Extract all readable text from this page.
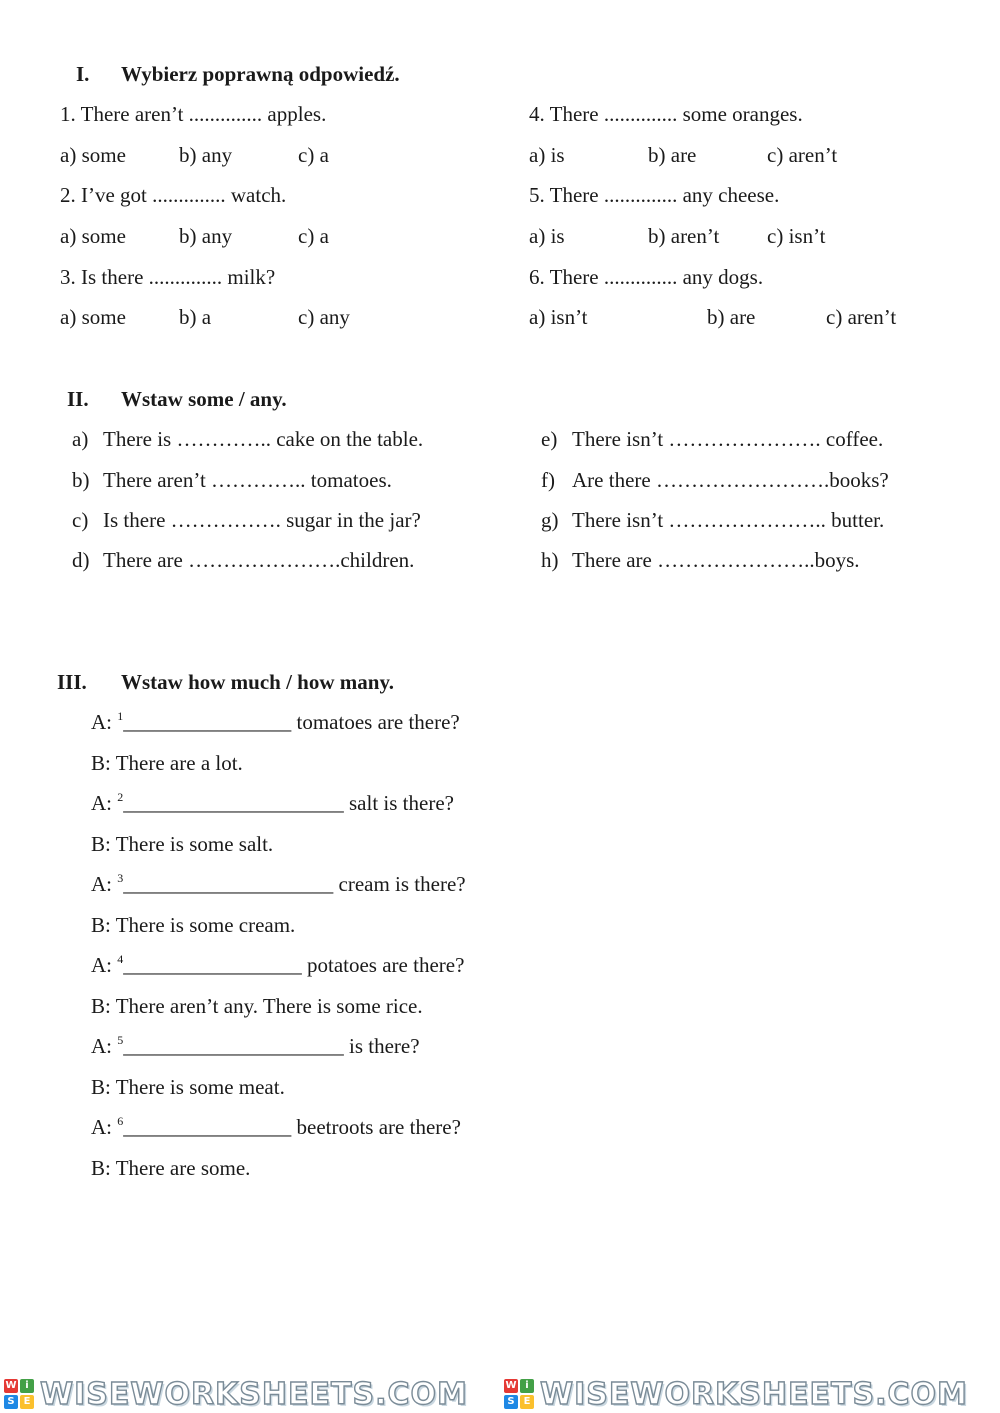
I. Wybierz poprawną odpowiedź.
1. There aren’t .............. apples.
a) some	b) any	c) a
2. I’ve got .............. watch.
a) some	b) any	c) a
3. Is there .............. milk?
a) some	b) a	c) any
4. There .............. some oranges.
a) is	b) are	c) aren’t
5. There .............. any cheese.
a) is	b) aren’t c) isn’t
6. There .............. any dogs.
a) isn’t	b) are	c) aren’t
II. Wstaw some / any.
a) There is ………….. cake on the table.
b) There aren’t ………….. tomatoes.
c) Is there ……………. sugar in the jar?
d) There are ………………….children.
e) There isn’t …………………. coffee.
f) Are there …………………….books?
g) There isn’t ………………….. butter.
h) There are …………………..boys.
III. Wstaw how much / how many.
A: $^1$________________ tomatoes are there?
B: There are a lot.
A: $^2$_____________________ salt is there?
B: There is some salt.
A: $^3$____________________ cream is there?
B: There is some cream.
A: $^4$_________________ potatoes are there?
B: There aren’t any. There is some rice.
A: $^5$_____________________ is there?
B: There is some meat.
A: $^6$________________ beetroots are there?
B: There are some.
W i
S E WISEWORKSHEETS.COM	W i
S E WISEWORKSHEETS.COM
